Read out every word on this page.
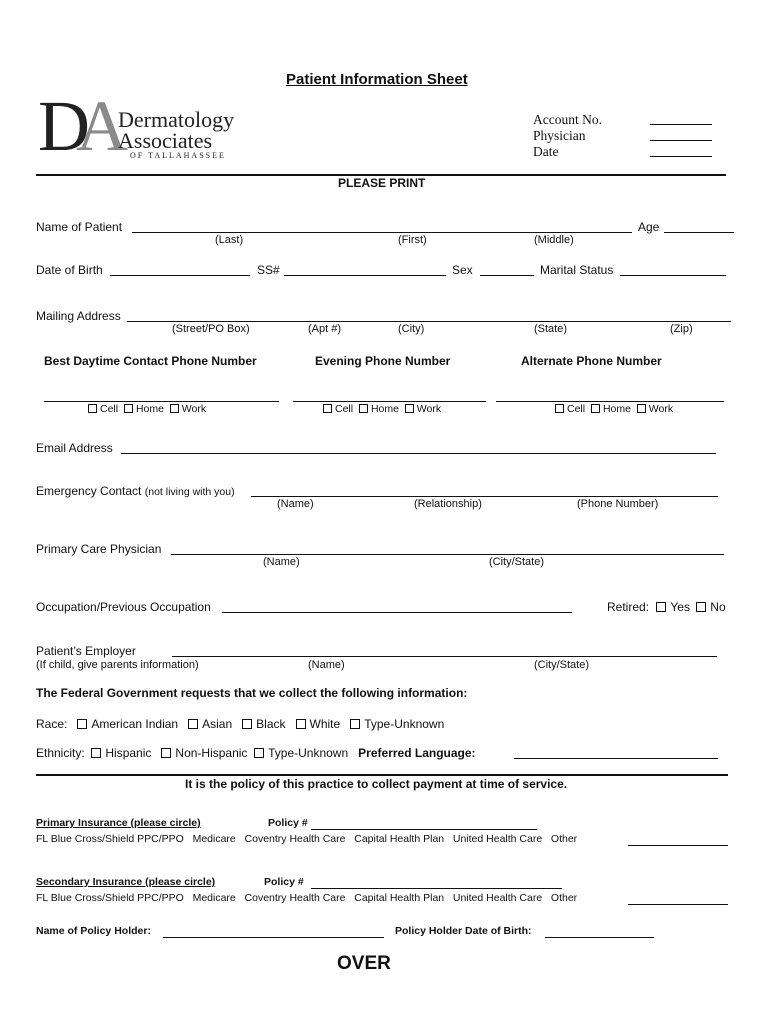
Patient Information Sheet
DA Dermatology
Associates
OF TALLAHASSEE
Account No.
Physician
Date
PLEASE PRINT
Name of Patient	Age
(Last)	(First)	(Middle)
Date of Birth	SS#	Sex	Marital Status
Mailing Address
(Street/PO Box)	(Apt #)	(City)	(State)	(Zip)
Best Daytime Contact Phone Number	Evening Phone Number	Alternate Phone Number
Cell Home Work	Cell Home Work	Cell Home Work
Email Address
Emergency Contact (not living with you)
(Name)	(Relationship)	(Phone Number)
Primary Care Physician
(Name)	(City/State)
Occupation/Previous Occupation	Retired: Yes No
Patient’s Employer
(If child, give parents information)	(Name)	(City/State)
The Federal Government requests that we collect the following information:
Race: American Indian Asian Black White Type-Unknown
Ethnicity: Hispanic Non-Hispanic Type-Unknown Preferred Language:
It is the policy of this practice to collect payment at time of service.
Primary Insurance (please circle)	Policy #
FL Blue Cross/Shield PPC/PPO   Medicare   Coventry Health Care   Capital Health Plan   United Health Care   Other
Secondary Insurance (please circle)	Policy #
FL Blue Cross/Shield PPC/PPO   Medicare   Coventry Health Care   Capital Health Plan   United Health Care   Other
Name of Policy Holder:	Policy Holder Date of Birth:
OVER
